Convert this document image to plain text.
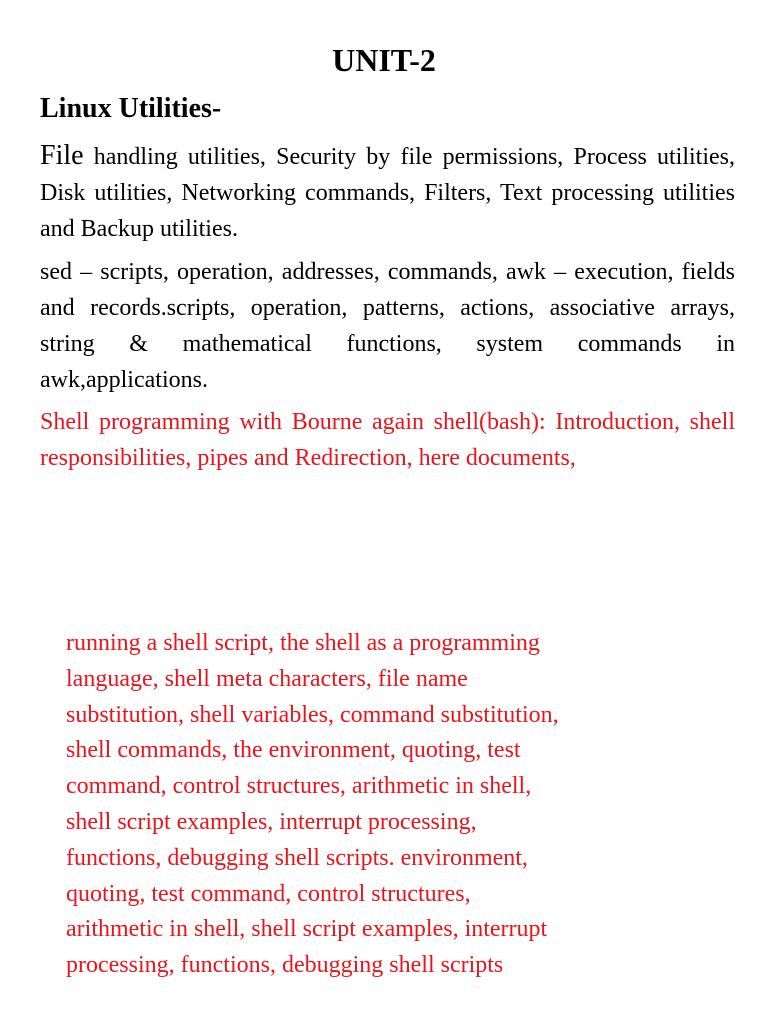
UNIT-2
Linux Utilities-
File handling utilities, Security by file permissions, Process utilities, Disk utilities, Networking commands, Filters, Text processing utilities and Backup utilities.
sed – scripts, operation, addresses, commands, awk – execution, fields and records.scripts, operation, patterns, actions, associative arrays, string & mathematical functions, system commands in awk,applications.
Shell programming with Bourne again shell(bash): Introduction, shell responsibilities, pipes and Redirection, here documents,
running a shell script, the shell as a programming
language, shell meta characters, file name
substitution, shell variables, command substitution,
shell commands, the environment, quoting, test
command, control structures, arithmetic in shell,
shell script examples, interrupt processing,
functions, debugging shell scripts. environment,
quoting, test command, control structures,
arithmetic in shell, shell script examples, interrupt
processing, functions, debugging shell scripts
